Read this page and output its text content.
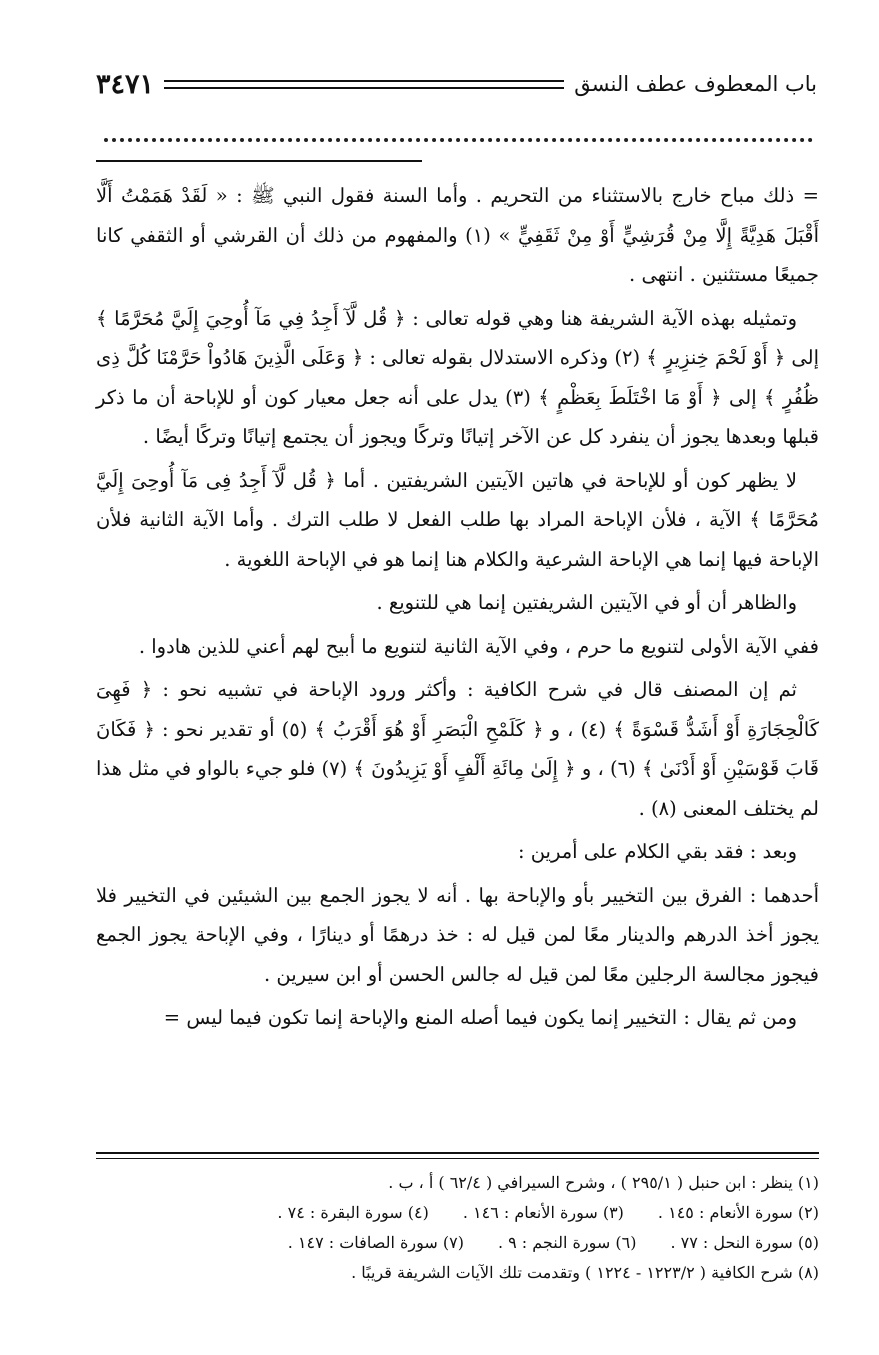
باب المعطوف عطف النسق
٣٤٧١

= ذلك مباح خارج بالاستثناء من التحريم . وأما السنة فقول النبي ﷺ : « لَقَدْ هَمَمْتُ أَلَّا أَقْبَلَ هَدِيَّةً إِلَّا مِنْ قُرَشِيٍّ أَوْ مِنْ ثَقَفِيٍّ » (١) والمفهوم من ذلك أن القرشي أو الثقفي كانا جميعًا مستثنين . انتهى .

وتمثيله بهذه الآية الشريفة هنا وهي قوله تعالى : ﴿ قُل لَّآ أَجِدُ فِي مَآ أُوحِيَ إِلَيَّ مُحَرَّمًا ﴾ إلى ﴿ أَوْ لَحْمَ خِنزِيرٍ ﴾ (٢) وذكره الاستدلال بقوله تعالى : ﴿ وَعَلَى الَّذِينَ هَادُواْ حَرَّمْنَا كُلَّ ذِى ظُفُرٍ ﴾ إلى ﴿ أَوْ مَا اخْتَلَطَ بِعَظْمٍ ﴾ (٣) يدل على أنه جعل معيار كون أو للإباحة أن ما ذكر قبلها وبعدها يجوز أن ينفرد كل عن الآخر إتيانًا وتركًا ويجوز أن يجتمع إتيانًا وتركًا أيضًا .

لا يظهر كون أو للإباحة في هاتين الآيتين الشريفتين . أما ﴿ قُل لَّآ أَجِدُ فِى مَآ أُوحِىَ إِلَيَّ مُحَرَّمًا ﴾ الآية ، فلأن الإباحة المراد بها طلب الفعل لا طلب الترك . وأما الآية الثانية فلأن الإباحة فيها إنما هي الإباحة الشرعية والكلام هنا إنما هو في الإباحة اللغوية .

والظاهر أن أو في الآيتين الشريفتين إنما هي للتنويع .

ففي الآية الأولى لتنويع ما حرم ، وفي الآية الثانية لتنويع ما أبيح لهم أعني للذين هادوا .

ثم إن المصنف قال في شرح الكافية : وأكثر ورود الإباحة في تشبيه نحو : ﴿ فَهِىَ كَالْحِجَارَةِ أَوْ أَشَدُّ قَسْوَةً ﴾ (٤) ، و ﴿ كَلَمْحِ الْبَصَرِ أَوْ هُوَ أَقْرَبُ ﴾ (٥) أو تقدير نحو : ﴿ فَكَانَ قَابَ قَوْسَيْنِ أَوْ أَدْنَىٰ ﴾ (٦) ، و ﴿ إِلَىٰ مِائَةِ أَلْفٍ أَوْ يَزِيدُونَ ﴾ (٧) فلو جيء بالواو في مثل هذا لم يختلف المعنى (٨) .

وبعد : فقد بقي الكلام على أمرين :

أحدهما : الفرق بين التخيير بأو والإباحة بها . أنه لا يجوز الجمع بين الشيئين في التخيير فلا يجوز أخذ الدرهم والدينار معًا لمن قيل له : خذ درهمًا أو دينارًا ، وفي الإباحة يجوز الجمع فيجوز مجالسة الرجلين معًا لمن قيل له جالس الحسن أو ابن سيرين .

ومن ثم يقال : التخيير إنما يكون فيما أصله المنع والإباحة إنما تكون فيما ليس =

(١) ينظر : ابن حنبل ( ٢٩٥/١ ) ، وشرح السيرافي ( ٦٢/٤ ) أ ، ب .
(٢) سورة الأنعام : ١٤٥ .
(٣) سورة الأنعام : ١٤٦ .
(٤) سورة البقرة : ٧٤ .
(٥) سورة النحل : ٧٧ .
(٦) سورة النجم : ٩ .
(٧) سورة الصافات : ١٤٧ .
(٨) شرح الكافية ( ١٢٢٣/٢ - ١٢٢٤ ) وتقدمت تلك الآيات الشريفة قريبًا .
